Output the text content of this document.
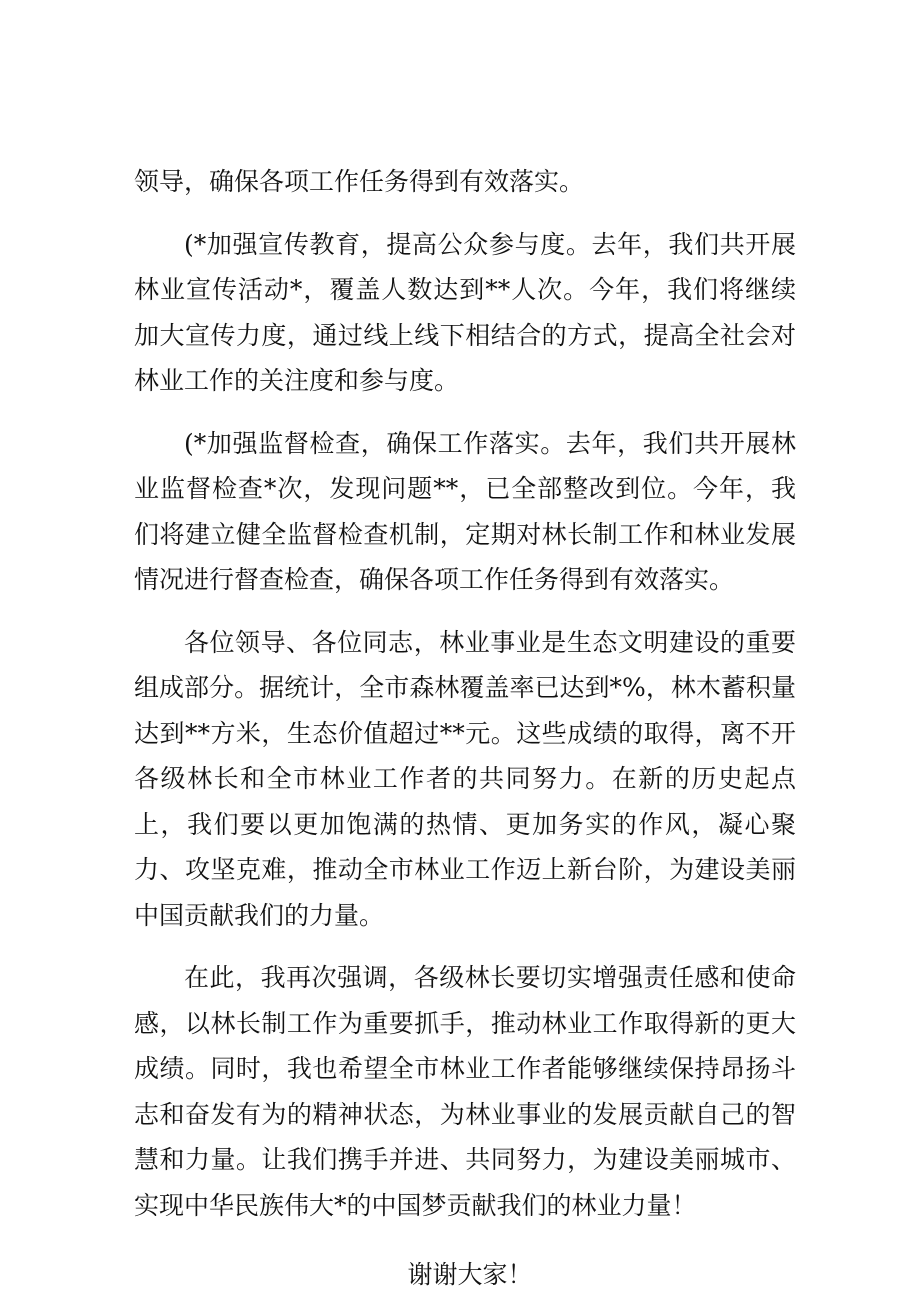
领导，确保各项工作任务得到有效落实。

(*加强宣传教育，提高公众参与度。去年，我们共开展林业宣传活动*，覆盖人数达到**人次。今年，我们将继续加大宣传力度，通过线上线下相结合的方式，提高全社会对林业工作的关注度和参与度。

(*加强监督检查，确保工作落实。去年，我们共开展林业监督检查*次，发现问题**，已全部整改到位。今年，我们将建立健全监督检查机制，定期对林长制工作和林业发展情况进行督查检查，确保各项工作任务得到有效落实。

各位领导、各位同志，林业事业是生态文明建设的重要组成部分。据统计，全市森林覆盖率已达到*%，林木蓄积量达到**方米，生态价值超过**元。这些成绩的取得，离不开各级林长和全市林业工作者的共同努力。在新的历史起点上，我们要以更加饱满的热情、更加务实的作风，凝心聚力、攻坚克难，推动全市林业工作迈上新台阶，为建设美丽中国贡献我们的力量。

在此，我再次强调，各级林长要切实增强责任感和使命感，以林长制工作为重要抓手，推动林业工作取得新的更大成绩。同时，我也希望全市林业工作者能够继续保持昂扬斗志和奋发有为的精神状态，为林业事业的发展贡献自己的智慧和力量。让我们携手并进、共同努力，为建设美丽城市、实现中华民族伟大*的中国梦贡献我们的林业力量！

谢谢大家！
